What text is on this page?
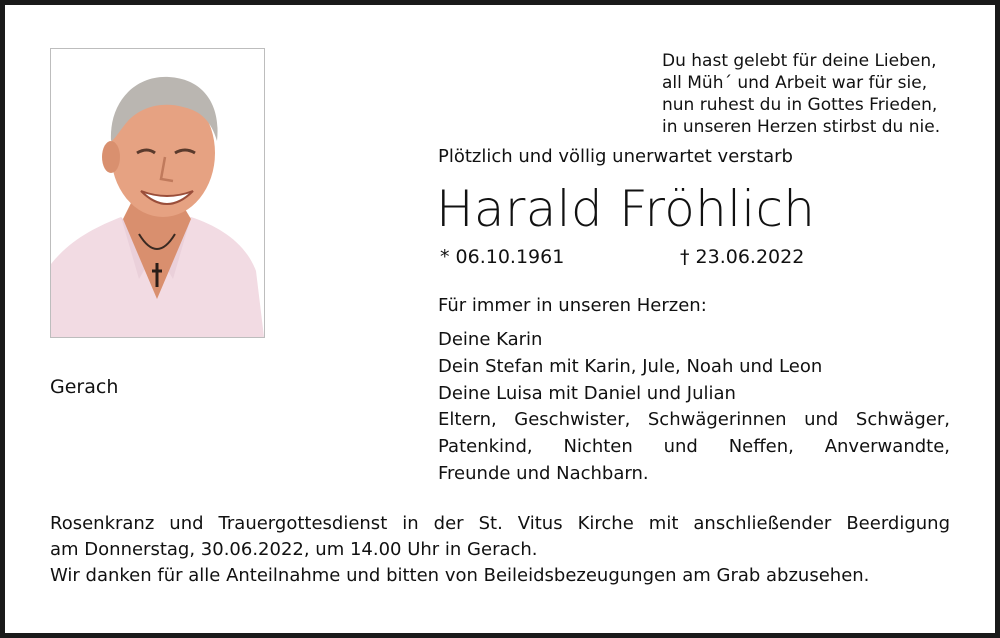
Gerach
Du hast gelebt für deine Lieben,
all Müh´ und Arbeit war für sie,
nun ruhest du in Gottes Frieden,
in unseren Herzen stirbst du nie.
Plötzlich und völlig unerwartet verstarb
Harald Fröhlich
* 06.10.1961	† 23.06.2022
Für immer in unseren Herzen:
Deine Karin
Dein Stefan mit Karin, Jule, Noah und Leon
Deine Luisa mit Daniel und Julian
Eltern, Geschwister, Schwägerinnen und Schwäger,
Patenkind, Nichten und Neffen, Anverwandte,
Freunde und Nachbarn.
Rosenkranz und Trauergottesdienst in der St. Vitus Kirche mit anschließender Beerdigung
am Donnerstag, 30.06.2022, um 14.00 Uhr in Gerach.
Wir danken für alle Anteilnahme und bitten von Beileidsbezeugungen am Grab abzusehen.
